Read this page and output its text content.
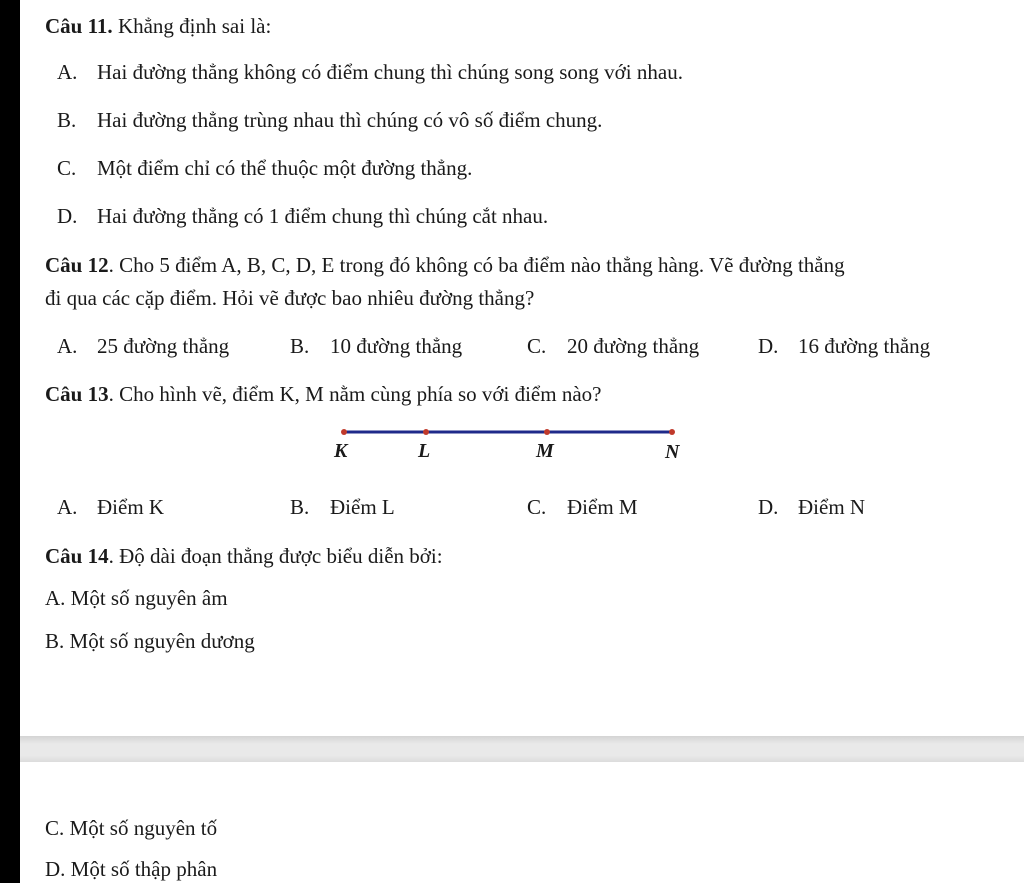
Câu 11. Khẳng định sai là:
A. Hai đường thẳng không có điểm chung thì chúng song song với nhau.
B. Hai đường thẳng trùng nhau thì chúng có vô số điểm chung.
C. Một điểm chỉ có thể thuộc một đường thẳng.
D. Hai đường thẳng có 1 điểm chung thì chúng cắt nhau.
Câu 12. Cho 5 điểm A, B, C, D, E trong đó không có ba điểm nào thẳng hàng. Vẽ đường thẳng
đi qua các cặp điểm. Hỏi vẽ được bao nhiêu đường thẳng?
A. 25 đường thẳng	B. 10 đường thẳng	C. 20 đường thẳng	D. 16 đường thẳng
Câu 13. Cho hình vẽ, điểm K, M nằm cùng phía so với điểm nào?
K	L	M	N
A. Điểm K	B. Điểm L	C. Điểm M	D. Điểm N
Câu 14. Độ dài đoạn thẳng được biểu diễn bởi:
A. Một số nguyên âm
B. Một số nguyên dương
C. Một số nguyên tố
D. Một số thập phân
